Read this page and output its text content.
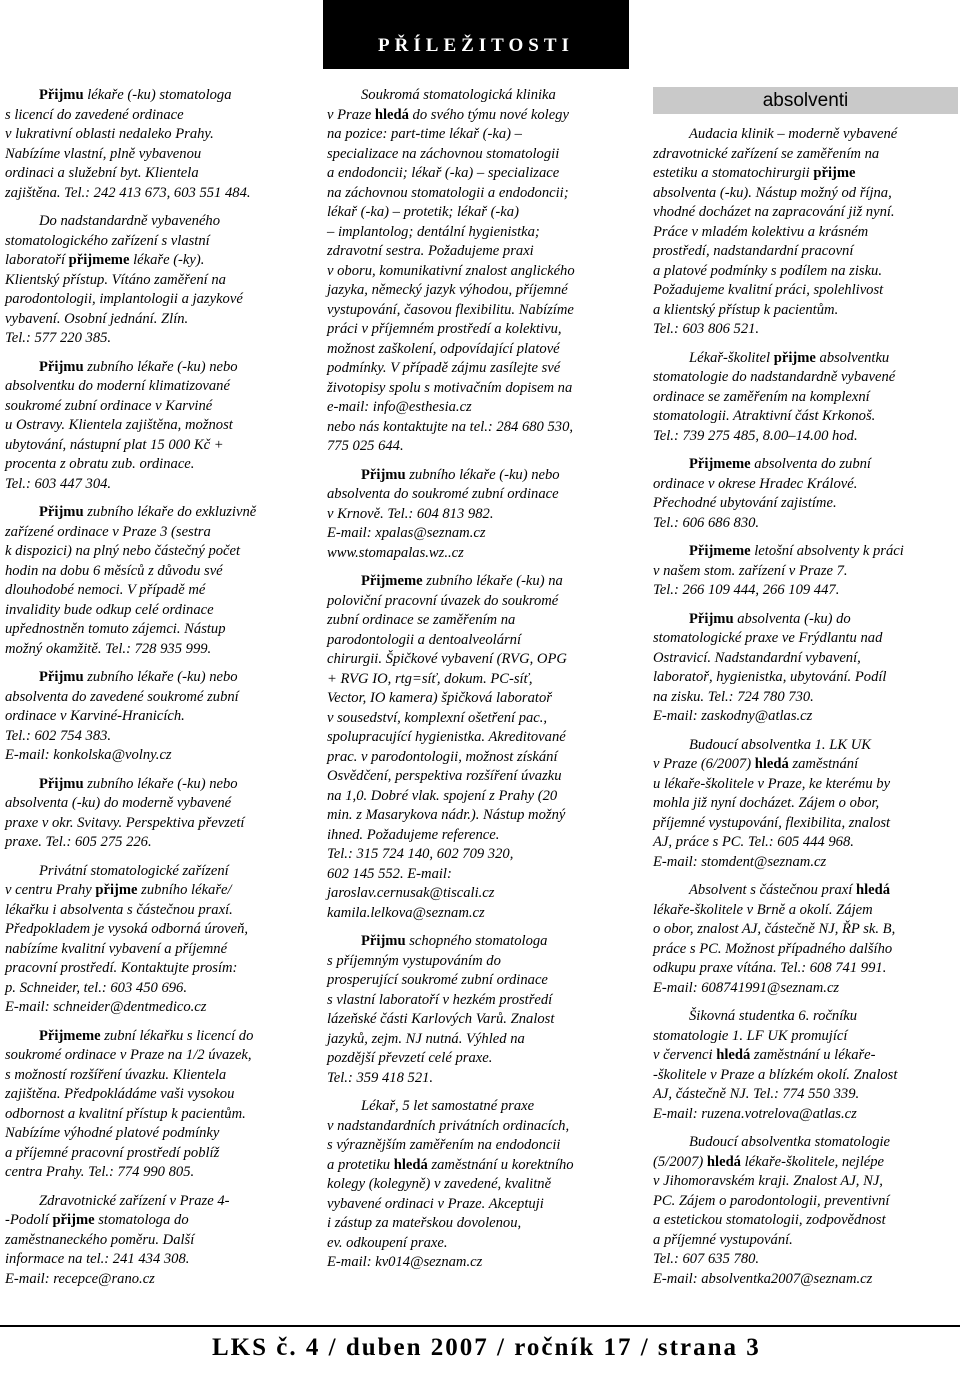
PŘÍLEŽITOSTI
absolventi
Přijmu lékaře (-ku) stomatologa
s licencí do zavedené ordinace
v lukrativní oblasti nedaleko Prahy.
Nabízíme vlastní, plně vybavenou
ordinaci a služební byt. Klientela
zajištěna. Tel.: 242 413 673, 603 551 484.
Do nadstandardně vybaveného
stomatologického zařízení s vlastní
laboratoří přijmeme lékaře (-ky).
Klientský přístup. Vítáno zaměření na
parodontologii, implantologii a jazykové
vybavení. Osobní jednání. Zlín.
Tel.: 577 220 385.
Přijmu zubního lékaře (-ku) nebo
absolventku do moderní klimatizované
soukromé zubní ordinace v Karviné
u Ostravy. Klientela zajištěna, možnost
ubytování, nástupní plat 15 000 Kč +
procenta z obratu zub. ordinace.
Tel.: 603 447 304.
Přijmu zubního lékaře do exkluzivně
zařízené ordinace v Praze 3 (sestra
k dispozici) na plný nebo částečný počet
hodin na dobu 6 měsíců z důvodu své
dlouhodobé nemoci. V případě mé
invalidity bude odkup celé ordinace
upřednostněn tomuto zájemci. Nástup
možný okamžitě. Tel.: 728 935 999.
Přijmu zubního lékaře (-ku) nebo
absolventa do zavedené soukromé zubní
ordinace v Karviné-Hranicích.
Tel.: 602 754 383.
E-mail: konkolska@volny.cz
Přijmu zubního lékaře (-ku) nebo
absolventa (-ku) do moderně vybavené
praxe v okr. Svitavy. Perspektiva převzetí
praxe. Tel.: 605 275 226.
Privátní stomatologické zařízení
v centru Prahy přijme zubního lékaře/
lékařku i absolventa s částečnou praxí.
Předpokladem je vysoká odborná úroveň,
nabízíme kvalitní vybavení a příjemné
pracovní prostředí. Kontaktujte prosím:
p. Schneider, tel.: 603 450 696.
E-mail: schneider@dentmedico.cz
Přijmeme zubní lékařku s licencí do
soukromé ordinace v Praze na 1/2 úvazek,
s možností rozšíření úvazku. Klientela
zajištěna. Předpokládáme vaši vysokou
odbornost a kvalitní přístup k pacientům.
Nabízíme výhodné platové podmínky
a příjemné pracovní prostředí poblíž
centra Prahy. Tel.: 774 990 805.
Zdravotnické zařízení v Praze 4-
-Podolí přijme stomatologa do
zaměstnaneckého poměru. Další
informace na tel.: 241 434 308.
E-mail: recepce@rano.cz
Soukromá stomatologická klinika
v Praze hledá do svého týmu nové kolegy
na pozice: part-time lékař (-ka) –
specializace na záchovnou stomatologii
a endodoncii; lékař (-ka) – specializace
na záchovnou stomatologii a endodoncii;
lékař (-ka) – protetik; lékař (-ka)
– implantolog; dentální hygienistka;
zdravotní sestra. Požadujeme praxi
v oboru, komunikativní znalost anglického
jazyka, německý jazyk výhodou, příjemné
vystupování, časovou flexibilitu. Nabízíme
práci v příjemném prostředí a kolektivu,
možnost zaškolení, odpovídající platové
podmínky. V případě zájmu zasílejte své
životopisy spolu s motivačním dopisem na
e-mail: info@esthesia.cz
nebo nás kontaktujte na tel.: 284 680 530,
775 025 644.
Přijmu zubního lékaře (-ku) nebo
absolventa do soukromé zubní ordinace
v Krnově. Tel.: 604 813 982.
E-mail: xpalas@seznam.cz
www.stomapalas.wz..cz
Přijmeme zubního lékaře (-ku) na
poloviční pracovní úvazek do soukromé
zubní ordinace se zaměřením na
parodontologii a dentoalveolární
chirurgii. Špičkové vybavení (RVG, OPG
+ RVG IO, rtg=síť, dokum. PC-síť,
Vector, IO kamera) špičková laboratoř
v sousedství, komplexní ošetření pac.,
spolupracující hygienistka. Akreditované
prac. v parodontologii, možnost získání
Osvědčení, perspektiva rozšíření úvazku
na 1,0. Dobré vlak. spojení z Prahy (20
min. z Masarykova nádr.). Nástup možný
ihned. Požadujeme reference.
Tel.: 315 724 140, 602 709 320,
602 145 552. E-mail:
jaroslav.cernusak@tiscali.cz
kamila.lelkova@seznam.cz
Přijmu schopného stomatologa
s příjemným vystupováním do
prosperující soukromé zubní ordinace
s vlastní laboratoří v hezkém prostředí
lázeňské části Karlových Varů. Znalost
jazyků, zejm. NJ nutná. Výhled na
pozdější převzetí celé praxe.
Tel.: 359 418 521.
Lékař, 5 let samostatné praxe
v nadstandardních privátních ordinacích,
s výraznějším zaměřením na endodoncii
a protetiku hledá zaměstnání u korektního
kolegy (kolegyně) v zavedené, kvalitně
vybavené ordinaci v Praze. Akceptuji
i zástup za mateřskou dovolenou,
ev. odkoupení praxe.
E-mail: kv014@seznam.cz
Audacia klinik – moderně vybavené
zdravotnické zařízení se zaměřením na
estetiku a stomatochirurgii přijme
absolventa (-ku). Nástup možný od října,
vhodné docházet na zapracování již nyní.
Práce v mladém kolektivu a krásném
prostředí, nadstandardní pracovní
a platové podmínky s podílem na zisku.
Požadujeme kvalitní práci, spolehlivost
a klientský přístup k pacientům.
Tel.: 603 806 521.
Lékař-školitel přijme absolventku
stomatologie do nadstandardně vybavené
ordinace se zaměřením na komplexní
stomatologii. Atraktivní část Krkonoš.
Tel.: 739 275 485, 8.00–14.00 hod.
Přijmeme absolventa do zubní
ordinace v okrese Hradec Králové.
Přechodné ubytování zajistíme.
Tel.: 606 686 830.
Přijmeme letošní absolventy k práci
v našem stom. zařízení v Praze 7.
Tel.: 266 109 444, 266 109 447.
Přijmu absolventa (-ku) do
stomatologické praxe ve Frýdlantu nad
Ostravicí. Nadstandardní vybavení,
laboratoř, hygienistka, ubytování. Podíl
na zisku. Tel.: 724 780 730.
E-mail: zaskodny@atlas.cz
Budoucí absolventka 1. LK UK
v Praze (6/2007) hledá zaměstnání
u lékaře-školitele v Praze, ke kterému by
mohla již nyní docházet. Zájem o obor,
příjemné vystupování, flexibilita, znalost
AJ, práce s PC. Tel.: 605 444 968.
E-mail: stomdent@seznam.cz
Absolvent s částečnou praxí hledá
lékaře-školitele v Brně a okolí. Zájem
o obor, znalost AJ, částečně NJ, ŘP sk. B,
práce s PC. Možnost případného dalšího
odkupu praxe vítána. Tel.: 608 741 991.
E-mail: 608741991@seznam.cz
Šikovná studentka 6. ročníku
stomatologie 1. LF UK promující
v červenci hledá zaměstnání u lékaře-
-školitele v Praze a blízkém okolí. Znalost
AJ, částečně NJ. Tel.: 774 550 339.
E-mail: ruzena.votrelova@atlas.cz
Budoucí absolventka stomatologie
(5/2007) hledá lékaře-školitele, nejlépe
v Jihomoravském kraji. Znalost AJ, NJ,
PC. Zájem o parodontologii, preventivní
a estetickou stomatologii, zodpovědnost
a příjemné vystupování.
Tel.: 607 635 780.
E-mail: absolventka2007@seznam.cz
LKS č. 4 / duben 2007 / ročník 17 / strana 3
